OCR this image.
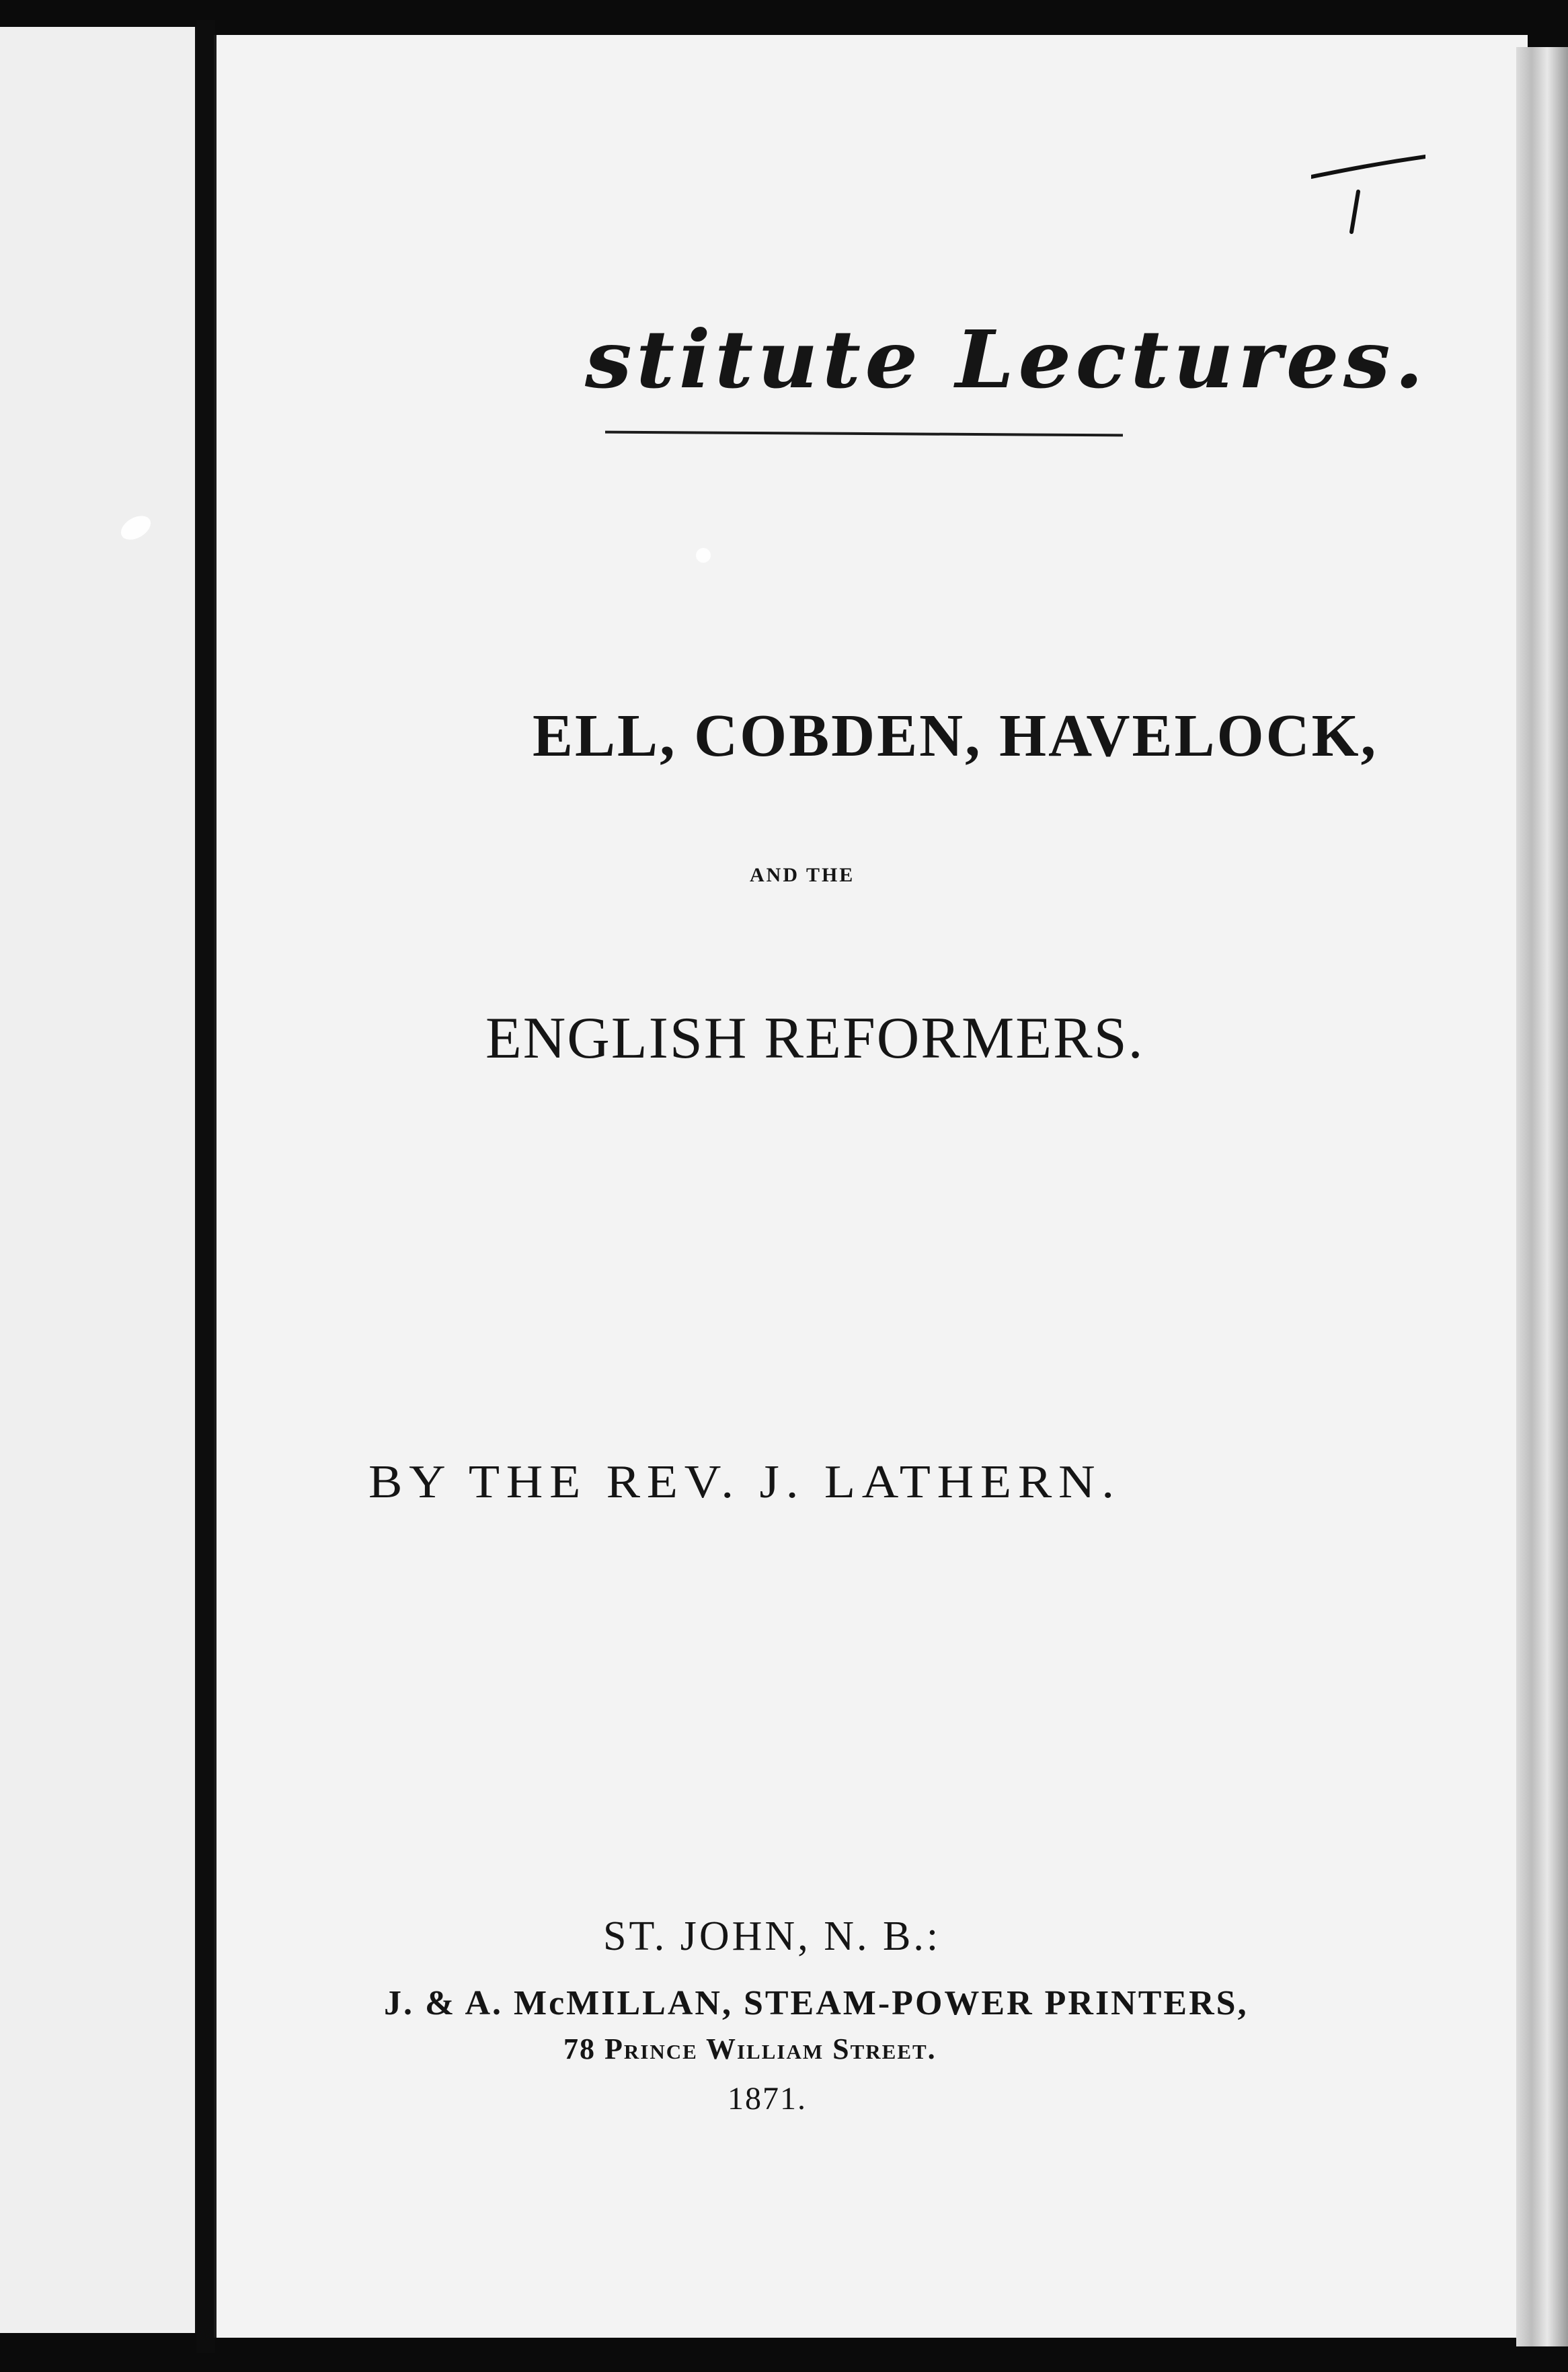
stitute Lectures.
ELL, COBDEN, HAVELOCK,
AND THE
ENGLISH REFORMERS.
BY THE REV. J. LATHERN.
ST. JOHN, N. B.:
J. & A. McMILLAN, STEAM-POWER PRINTERS,
78 Prince William Street.
1871.
